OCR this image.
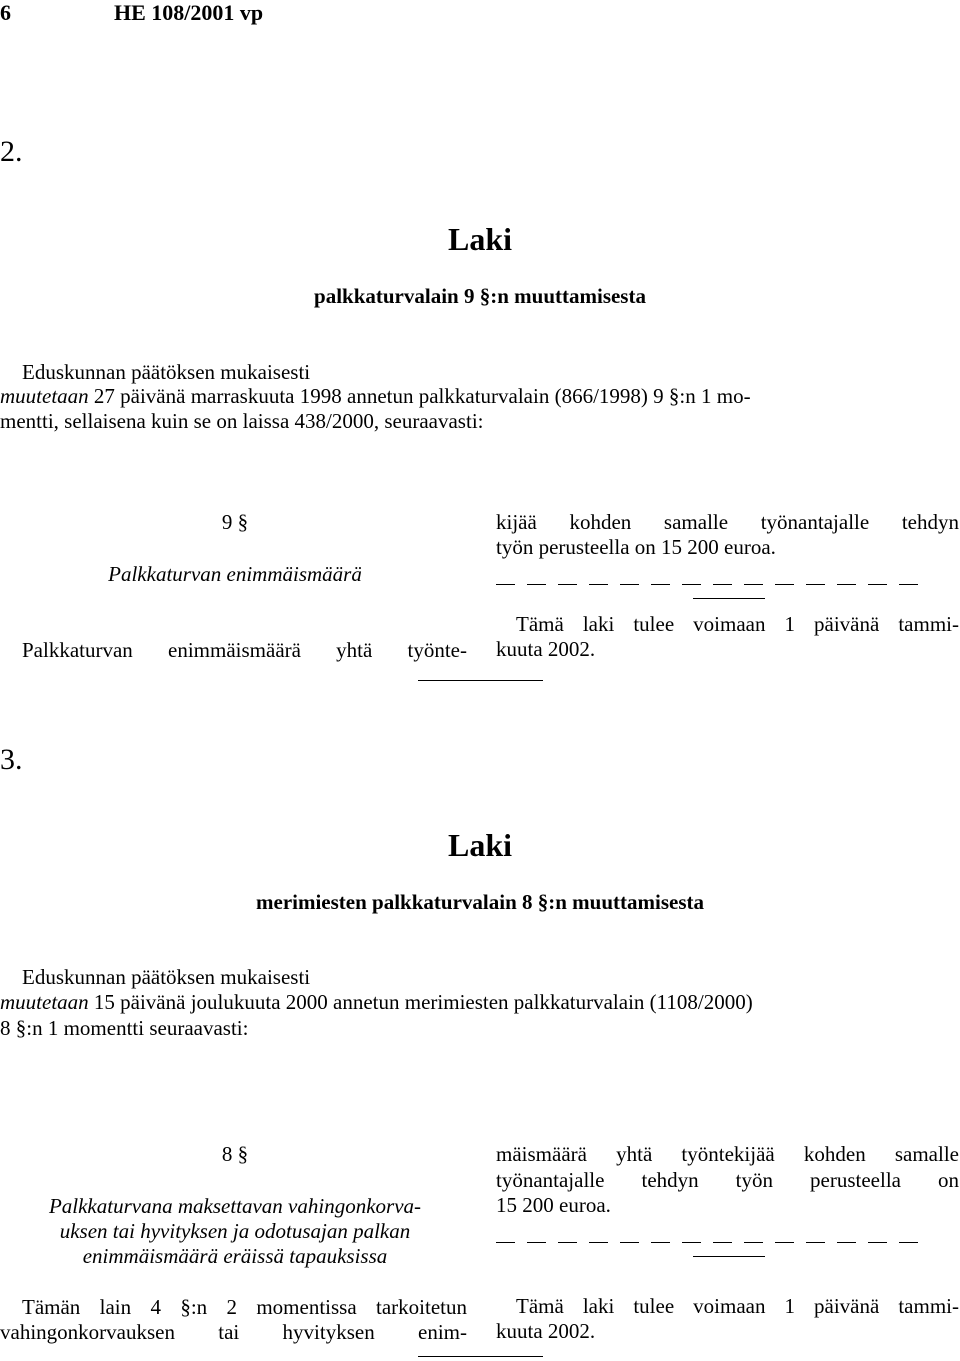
6	HE 108/2001 vp
2.
Laki
palkkaturvalain 9 §:n muuttamisesta
Eduskunnan päätöksen mukaisesti
muutetaan 27 päivänä marraskuuta 1998 annetun palkkaturvalain (866/1998) 9 §:n 1 mo-
mentti, sellaisena kuin se on laissa 438/2000, seuraavasti:
9 §
Palkkaturvan enimmäismäärä
Palkkaturvan enimmäismäärä yhtä työnte-
kijää kohden samalle työnantajalle tehdyn
työn perusteella on 15 200 euroa.
Tämä laki tulee voimaan 1 päivänä tammi-
kuuta 2002.
3.
Laki
merimiesten palkkaturvalain 8 §:n muuttamisesta
Eduskunnan päätöksen mukaisesti
muutetaan 15 päivänä joulukuuta 2000 annetun merimiesten palkkaturvalain (1108/2000)
8 §:n 1 momentti seuraavasti:
8 §
Palkkaturvana maksettavan vahingonkorva-
uksen tai hyvityksen ja odotusajan palkan
enimmäismäärä eräissä tapauksissa
Tämän lain 4 §:n 2 momentissa tarkoitetun
vahingonkorvauksen tai hyvityksen enim-
mäismäärä yhtä työntekijää kohden samalle
työnantajalle tehdyn työn perusteella on
15 200 euroa.
Tämä laki tulee voimaan 1 päivänä tammi-
kuuta 2002.
